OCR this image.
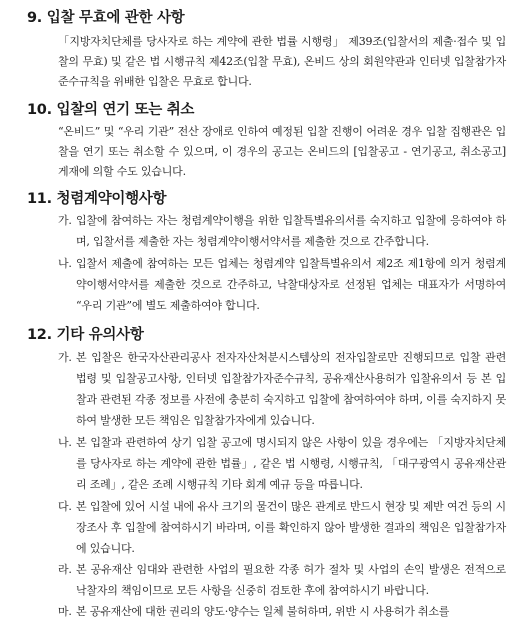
9. 입찰 무효에 관한 사항

「지방자치단체를 당사자로 하는 계약에 관한 법률 시행령」 제39조(입찰서의 제출·접수 및 입찰의 무효) 및 같은 법 시행규칙 제42조(입찰 무효), 온비드 상의 회원약관과 인터넷 입찰참가자 준수규칙을 위배한 입찰은 무효로 합니다.

10. 입찰의 연기 또는 취소

“온비드” 및 “우리 기관” 전산 장애로 인하여 예정된 입찰 진행이 어려운 경우 입찰 집행관은 입찰을 연기 또는 취소할 수 있으며, 이 경우의 공고는 온비드의 [입찰공고 - 연기공고, 취소공고] 게재에 의할 수도 있습니다.

11. 청렴계약이행사항
가. 입찰에 참여하는 자는 청렴계약이행을 위한 입찰특별유의서를 숙지하고 입찰에 응하여야 하며, 입찰서를 제출한 자는 청렴계약이행서약서를 제출한 것으로 간주합니다.
나. 입찰서 제출에 참여하는 모든 업체는 청렴계약 입찰특별유의서 제2조 제1항에 의거 청렴계약이행서약서를 제출한 것으로 간주하고, 낙찰대상자로 선정된 업체는 대표자가 서명하여 “우리 기관”에 별도 제출하여야 합니다.
12. 기타 유의사항
가. 본 입찰은 한국자산관리공사 전자자산처분시스템상의 전자입찰로만 진행되므로 입찰 관련 법령 및 입찰공고사항, 인터넷 입찰참가자준수규칙, 공유재산사용허가 입찰유의서 등 본 입찰과 관련된 각종 정보를 사전에 충분히 숙지하고 입찰에 참여하여야 하며, 이를 숙지하지 못하여 발생한 모든 책임은 입찰참가자에게 있습니다.
나. 본 입찰과 관련하여 상기 입찰 공고에 명시되지 않은 사항이 있을 경우에는 「지방자치단체를 당사자로 하는 계약에 관한 법률」, 같은 법 시행령, 시행규칙, 「대구광역시 공유재산관리 조례」, 같은 조례 시행규칙 기타 회계 예규 등을 따릅니다.
다. 본 입찰에 있어 시설 내에 유사 크기의 물건이 많은 관계로 반드시 현장 및 제반 여건 등의 시장조사 후 입찰에 참여하시기 바라며, 이를 확인하지 않아 발생한 결과의 책임은 입찰참가자에 있습니다.
라. 본 공유재산 임대와 관련한 사업의 필요한 각종 허가 절차 및 사업의 손익 발생은 전적으로 낙찰자의 책임이므로 모든 사항을 신중히 검토한 후에 참여하시기 바랍니다.
마. 본 공유재산에 대한 권리의 양도·양수는 일체 불허하며, 위반 시 사용허가 취소를
